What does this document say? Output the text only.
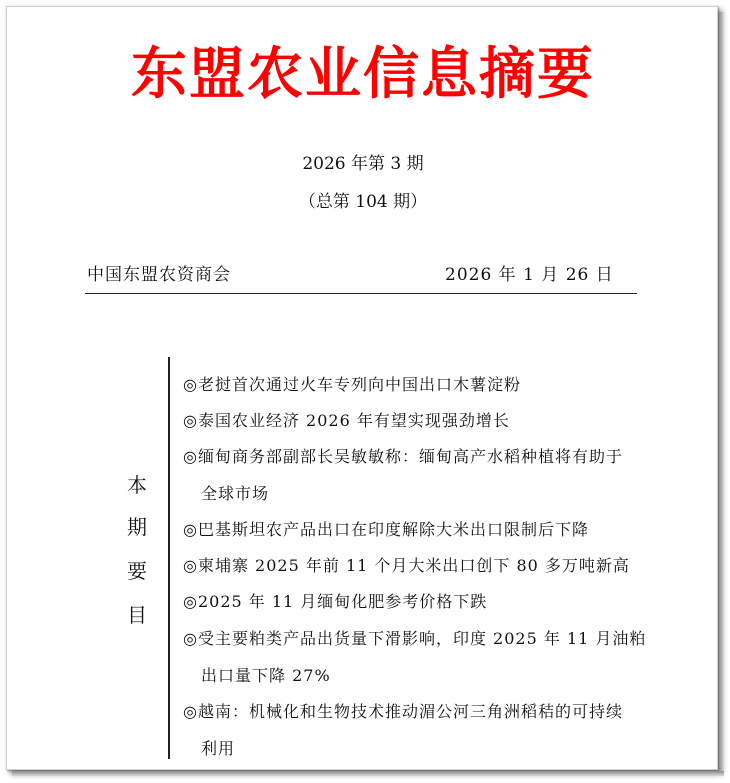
东盟农业信息摘要
2026 年第 3 期
（总第 104 期）
中国东盟农资商会	2026 年 1 月 26 日
本
期
要
目
◎老挝首次通过火车专列向中国出口木薯淀粉
◎泰国农业经济 2026 年有望实现强劲增长
◎缅甸商务部副部长吴敏敏称：缅甸高产水稻种植将有助于
全球市场
◎巴基斯坦农产品出口在印度解除大米出口限制后下降
◎柬埔寨 2025 年前 11 个月大米出口创下 80 多万吨新高
◎2025 年 11 月缅甸化肥参考价格下跌
◎受主要粕类产品出货量下滑影响，印度 2025 年 11 月油粕
出口量下降 27%
◎越南：机械化和生物技术推动湄公河三角洲稻秸的可持续
利用
